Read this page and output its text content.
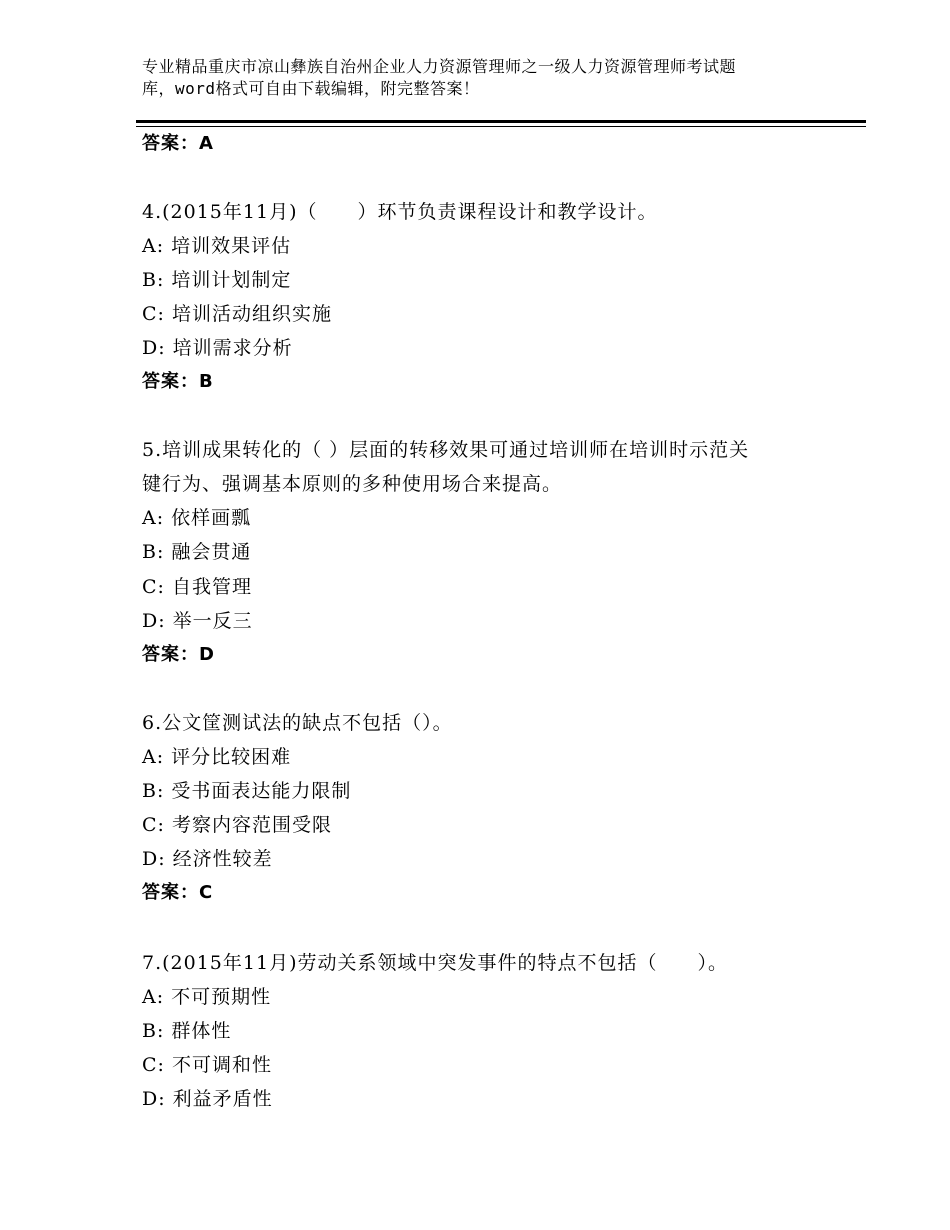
专业精品重庆市凉山彝族自治州企业人力资源管理师之一级人力资源管理师考试题
库，word格式可自由下载编辑，附完整答案！
答案：A
4.(2015年11月)（　　）环节负责课程设计和教学设计。
A: 培训效果评估
B: 培训计划制定
C: 培训活动组织实施
D: 培训需求分析
答案：B
5.培训成果转化的（ ）层面的转移效果可通过培训师在培训时示范关
键行为、强调基本原则的多种使用场合来提高。
A: 依样画瓢
B: 融会贯通
C: 自我管理
D: 举一反三
答案：D
6.公文筐测试法的缺点不包括（）。
A: 评分比较困难
B: 受书面表达能力限制
C: 考察内容范围受限
D: 经济性较差
答案：C
7.(2015年11月)劳动关系领域中突发事件的特点不包括（　　）。
A: 不可预期性
B: 群体性
C: 不可调和性
D: 利益矛盾性
